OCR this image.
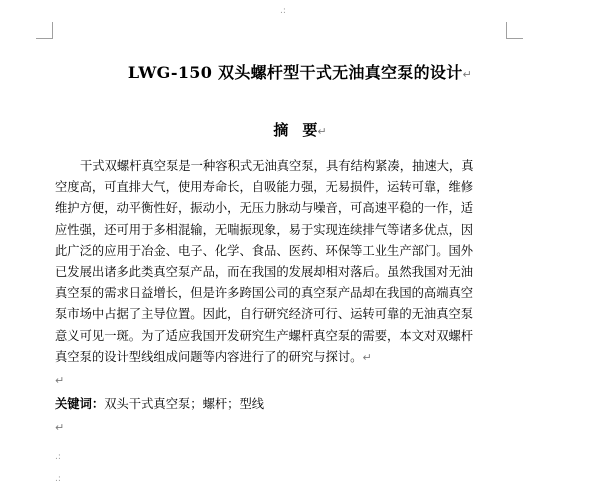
.:
LWG-150 双头螺杆型干式无油真空泵的设计↵
摘要↵
干式双螺杆真空泵是一种容积式无油真空泵，具有结构紧凑，抽速大，真
空度高，可直排大气，使用寿命长，自吸能力强，无易损件，运转可靠，维修
维护方便，动平衡性好，振动小，无压力脉动与噪音，可高速平稳的一作，适
应性强，还可用于多相混输，无喘振现象，易于实现连续排气等诸多优点，因
此广泛的应用于冶金、电子、化学、食品、医药、环保等工业生产部门。国外
已发展出诸多此类真空泵产品，而在我国的发展却相对落后。虽然我国对无油
真空泵的需求日益增长，但是许多跨国公司的真空泵产品却在我国的高端真空
泵市场中占据了主导位置。因此，自行研究经济可行、运转可靠的无油真空泵
意义可见一斑。为了适应我国开发研究生产螺杆真空泵的需要，本文对双螺杆
真空泵的设计型线组成问题等内容进行了的研究与探讨。↵
↵
关键词：双头干式真空泵；螺杆；型线
↵
.:
.:
